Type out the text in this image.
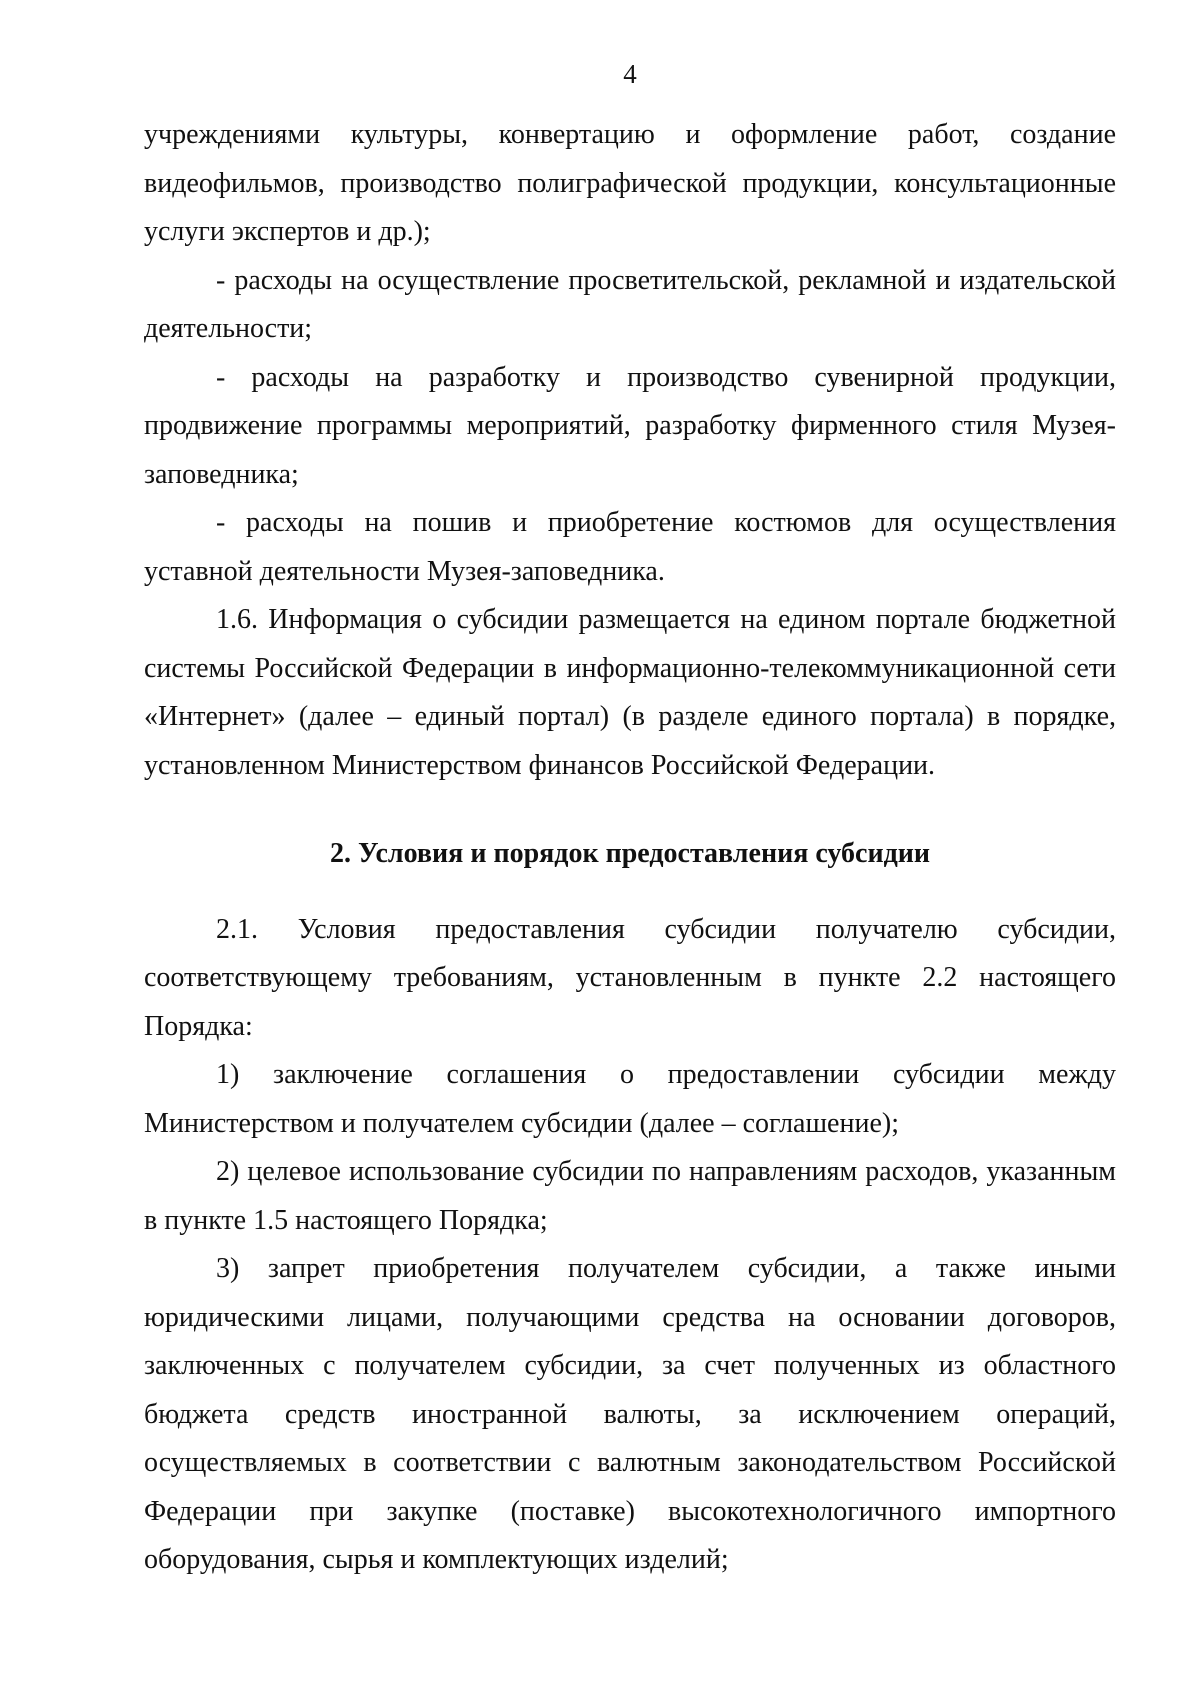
4

учреждениями культуры, конвертацию и оформление работ, создание видеофильмов, производство полиграфической продукции, консультационные услуги экспертов и др.);

- расходы на осуществление просветительской, рекламной и издательской деятельности;

- расходы на разработку и производство сувенирной продукции, продвижение программы мероприятий, разработку фирменного стиля Музея-заповедника;

- расходы на пошив и приобретение костюмов для осуществления уставной деятельности Музея-заповедника.

1.6. Информация о субсидии размещается на едином портале бюджетной системы Российской Федерации в информационно-телекоммуникационной сети «Интернет» (далее – единый портал) (в разделе единого портала) в порядке, установленном Министерством финансов Российской Федерации.

2. Условия и порядок предоставления субсидии

2.1. Условия предоставления субсидии получателю субсидии, соответствующему требованиям, установленным в пункте 2.2 настоящего Порядка:

1) заключение соглашения о предоставлении субсидии между Министерством и получателем субсидии (далее – соглашение);

2) целевое использование субсидии по направлениям расходов, указанным в пункте 1.5 настоящего Порядка;

3) запрет приобретения получателем субсидии, а также иными юридическими лицами, получающими средства на основании договоров, заключенных с получателем субсидии, за счет полученных из областного бюджета средств иностранной валюты, за исключением операций, осуществляемых в соответствии с валютным законодательством Российской Федерации при закупке (поставке) высокотехнологичного импортного оборудования, сырья и комплектующих изделий;
